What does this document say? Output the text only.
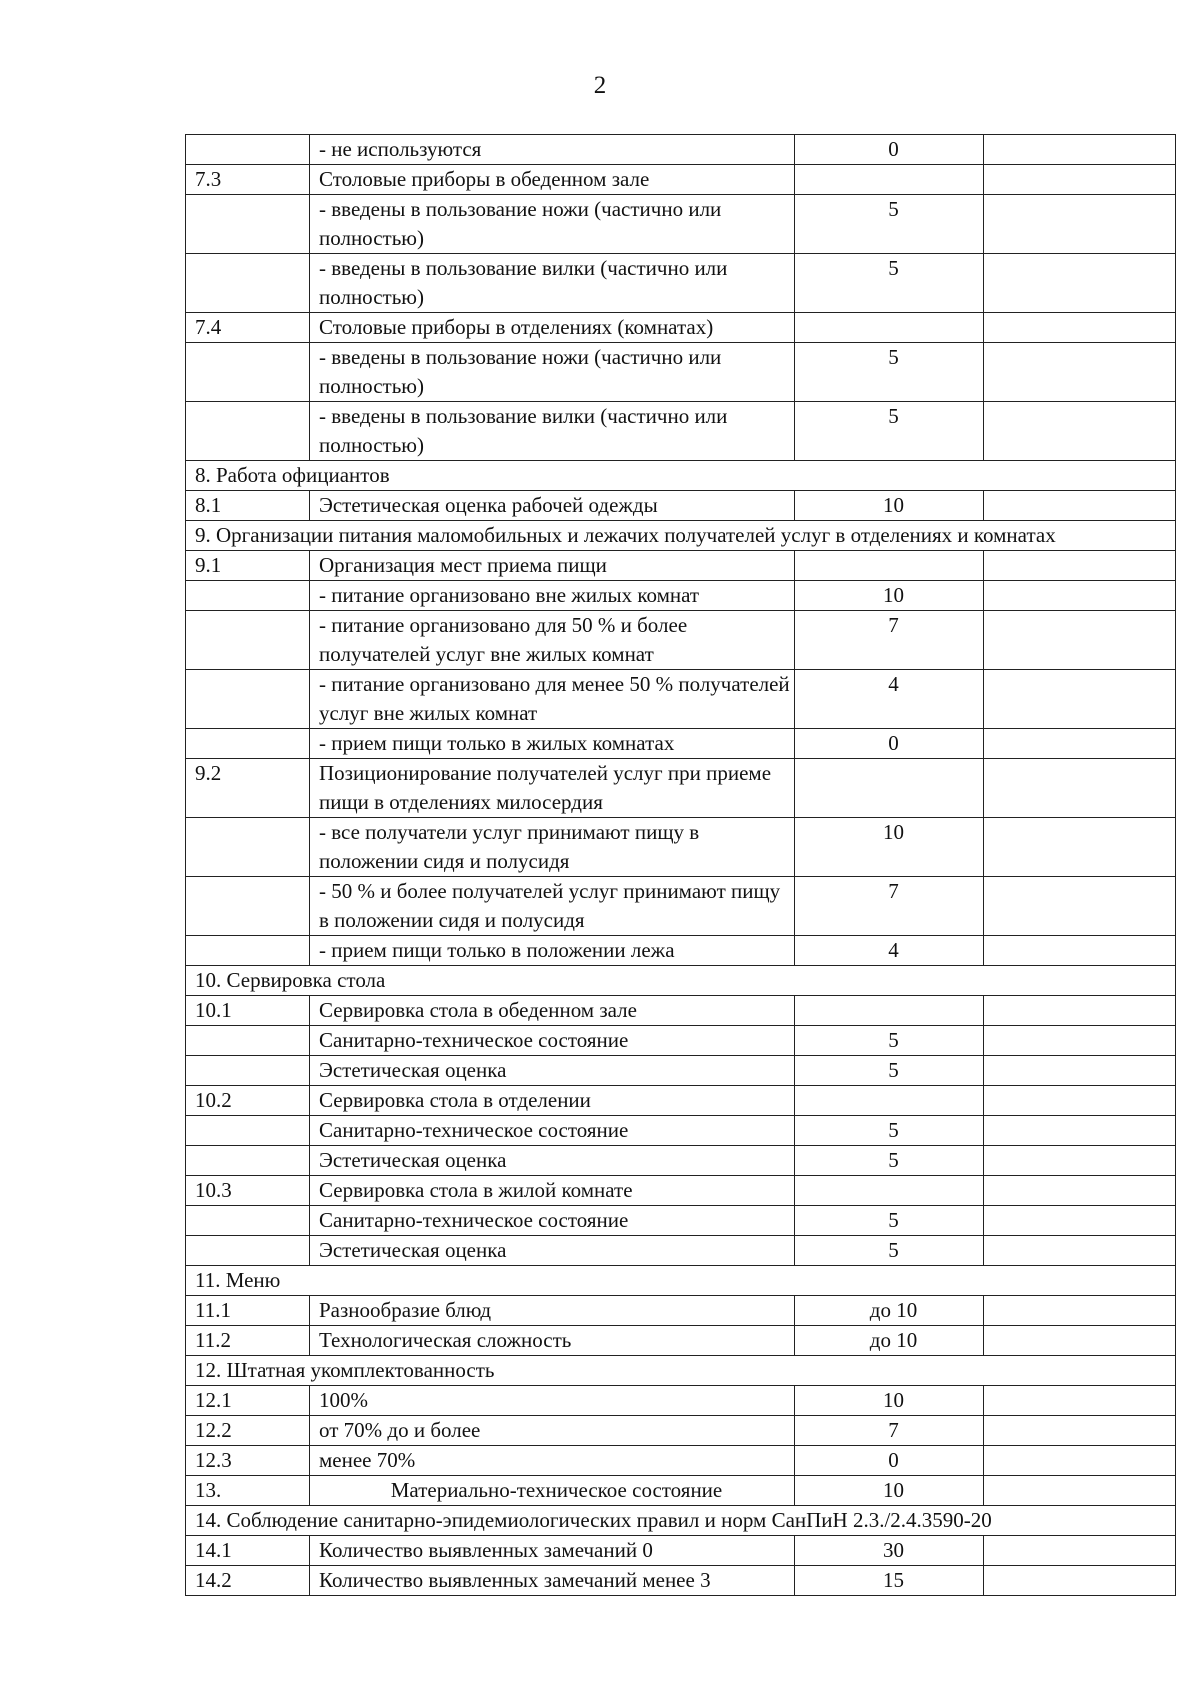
2
	- не используются	0	
7.3	Столовые приборы в обеденном зале		
	- введены в пользование ножи (частично или полностью)	5	
	- введены в пользование вилки (частично или полностью)	5	
7.4	Столовые приборы в отделениях (комнатах)		
	- введены в пользование ножи (частично или полностью)	5	
	- введены в пользование вилки (частично или полностью)	5	
8. Работа официантов			
8.1	Эстетическая оценка рабочей одежды	10	
9. Организации питания маломобильных и лежачих получателей услуг в отделениях и комнатах			
9.1	Организация мест приема пищи		
	- питание организовано вне жилых комнат	10	
	- питание организовано для 50 % и более получателей услуг вне жилых комнат	7	
	- питание организовано для менее 50 % получателей услуг вне жилых комнат	4	
	- прием пищи только в жилых комнатах	0	
9.2	Позиционирование получателей услуг при приеме пищи в отделениях милосердия		
	- все получатели услуг принимают пищу в положении сидя и полусидя	10	
	- 50 % и более получателей услуг принимают пищу в положении сидя и полусидя	7	
	- прием пищи только в положении лежа	4	
10. Сервировка стола			
10.1	Сервировка стола в обеденном зале		
	Санитарно-техническое состояние	5	
	Эстетическая оценка	5	
10.2	Сервировка стола в отделении		
	Санитарно-техническое состояние	5	
	Эстетическая оценка	5	
10.3	Сервировка стола в жилой комнате		
	Санитарно-техническое состояние	5	
	Эстетическая оценка	5	
11. Меню			
11.1	Разнообразие блюд	до 10	
11.2	Технологическая сложность	до 10	
12. Штатная укомплектованность			
12.1	100%	10	
12.2	от 70% до и более	7	
12.3	менее 70%	0	
13.	Материально-техническое состояние	10	
14. Соблюдение санитарно-эпидемиологических правил и норм СанПиН 2.3./2.4.3590-20			
14.1	Количество выявленных замечаний 0	30	
14.2	Количество выявленных замечаний менее 3	15	
